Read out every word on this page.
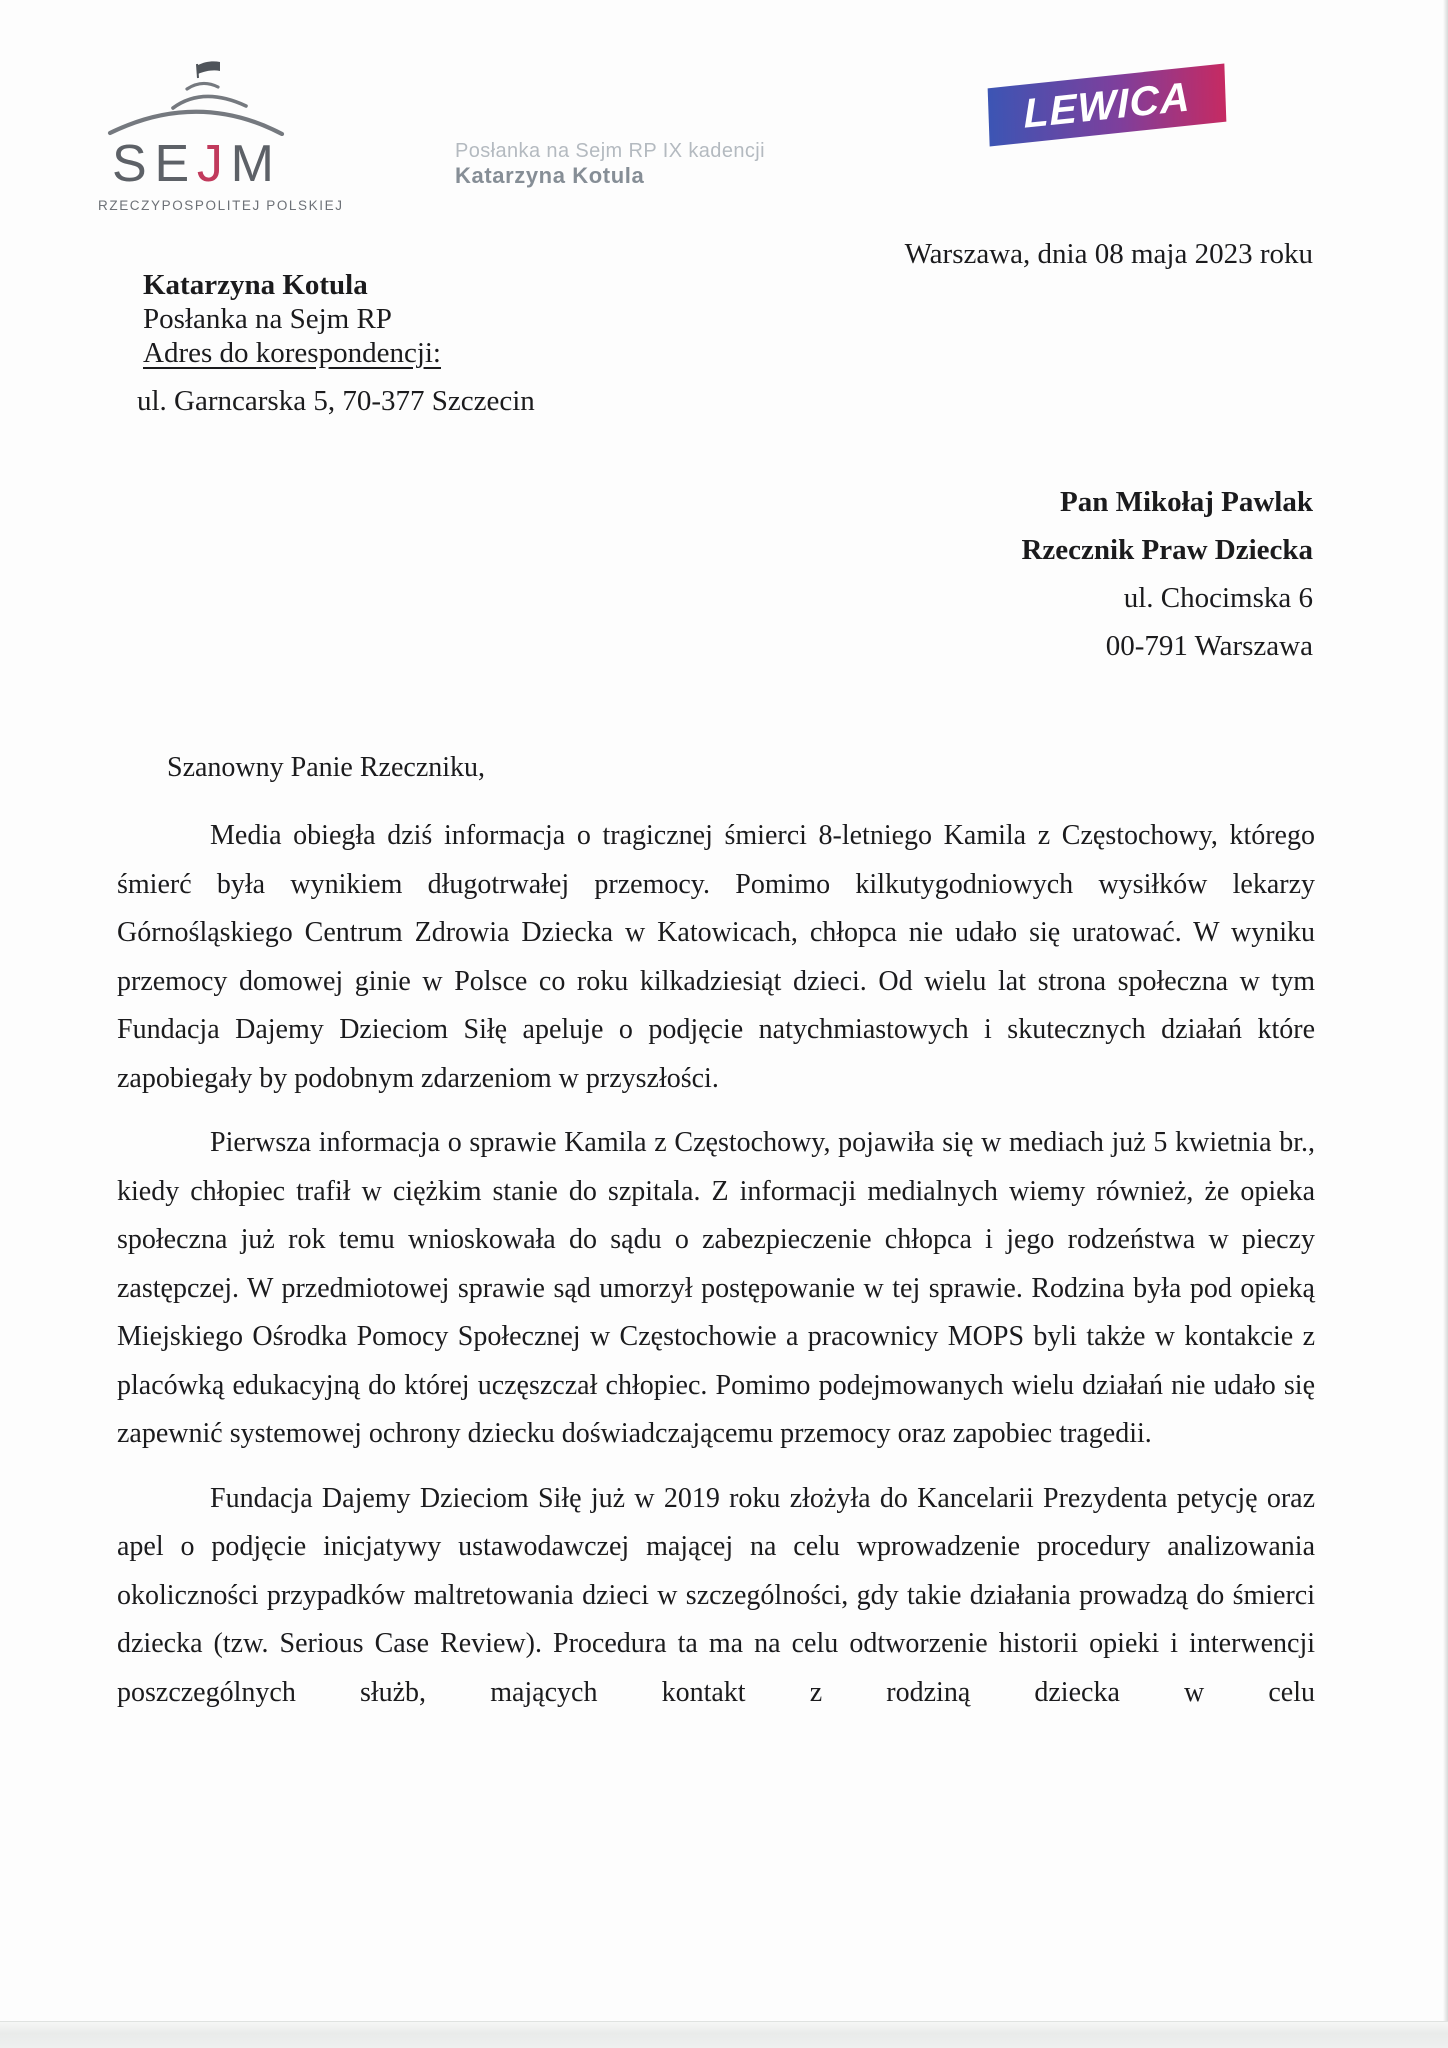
S E J M
RZECZYPOSPOLITEJ POLSKIEJ
Posłanka na Sejm RP IX kadencji
Katarzyna Kotula
LEWICA
Warszawa, dnia 08 maja 2023 roku
Katarzyna Kotula
Posłanka na Sejm RP
Adres do korespondencji:
ul. Garncarska 5, 70-377 Szczecin
Pan Mikołaj Pawlak
Rzecznik Praw Dziecka
ul. Chocimska 6
00-791 Warszawa
Szanowny Panie Rzeczniku,

Media obiegła dziś informacja o tragicznej śmierci 8-letniego Kamila z Częstochowy, którego śmierć była wynikiem długotrwałej przemocy. Pomimo kilkutygodniowych wysiłków lekarzy Górnośląskiego Centrum Zdrowia Dziecka w Katowicach, chłopca nie udało się uratować. W wyniku przemocy domowej ginie w Polsce co roku kilkadziesiąt dzieci. Od wielu lat strona społeczna w tym Fundacja Dajemy Dzieciom Siłę apeluje o podjęcie natychmiastowych i skutecznych działań które zapobiegały by podobnym zdarzeniom w przyszłości.

Pierwsza informacja o sprawie Kamila z Częstochowy, pojawiła się w mediach już 5 kwietnia br., kiedy chłopiec trafił w ciężkim stanie do szpitala. Z informacji medialnych wiemy również, że opieka społeczna już rok temu wnioskowała do sądu o zabezpieczenie chłopca i jego rodzeństwa w pieczy zastępczej. W przedmiotowej sprawie sąd umorzył postępowanie w tej sprawie. Rodzina była pod opieką Miejskiego Ośrodka Pomocy Społecznej w Częstochowie a pracownicy MOPS byli także w kontakcie z placówką edukacyjną do której uczęszczał chłopiec. Pomimo podejmowanych wielu działań nie udało się zapewnić systemowej ochrony dziecku doświadczającemu przemocy oraz zapobiec tragedii.

Fundacja Dajemy Dzieciom Siłę już w 2019 roku złożyła do Kancelarii Prezydenta petycję oraz apel o podjęcie inicjatywy ustawodawczej mającej na celu wprowadzenie procedury analizowania okoliczności przypadków maltretowania dzieci w szczególności, gdy takie działania prowadzą do śmierci dziecka (tzw. Serious Case Review). Procedura ta ma na celu odtworzenie historii opieki i interwencji poszczególnych służb, mających kontakt z rodziną dziecka w celu
